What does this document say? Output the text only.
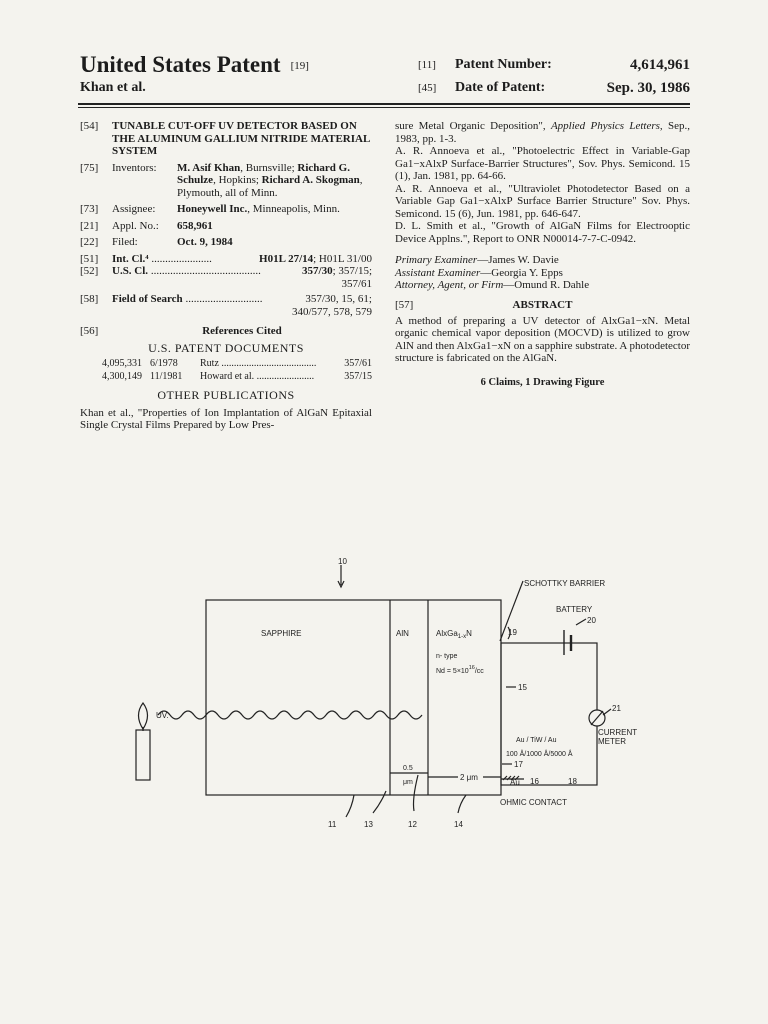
United States Patent [19]
Khan et al.
[11] Patent Number:	4,614,961
[45] Date of Patent:	Sep. 30, 1986
[54] TUNABLE CUT-OFF UV DETECTOR BASED ON THE ALUMINUM GALLIUM NITRIDE MATERIAL SYSTEM
[75] Inventors: M. Asif Khan, Burnsville; Richard G. Schulze, Hopkins; Richard A. Skogman, Plymouth, all of Minn.
[73] Assignee: Honeywell Inc., Minneapolis, Minn.
[21] Appl. No.: 658,961
[22] Filed:	Oct. 9, 1984
[51] Int. Cl.⁴ ......................	H01L 27/14; H01L 31/00
[52] U.S. Cl. ........................................	357/30; 357/15;
357/61
[58] Field of Search ............................	357/30, 15, 61;
340/577, 578, 579
[56]	References Cited
U.S. PATENT DOCUMENTS
4,095,331 6/1978 Rutz ......................................	357/61
4,300,149 11/1981 Howard et al. .......................	357/15
OTHER PUBLICATIONS
Khan et al., "Properties of Ion Implantation of AlGaN Epitaxial Single Crystal Films Prepared by Low Pres-

sure Metal Organic Deposition", Applied Physics Letters, Sep., 1983, pp. 1-3.

A. R. Annoeva et al., "Photoelectric Effect in Variable-Gap Ga1−xAlxP Surface-Barrier Structures", Sov. Phys. Semicond. 15 (1), Jan. 1981, pp. 64-66.

A. R. Annoeva et al., "Ultraviolet Photodetector Based on a Variable Gap Ga1−xAlxP Surface Barrier Structure" Sov. Phys. Semicond. 15 (6), Jun. 1981, pp. 646-647.

D. L. Smith et al., "Growth of AlGaN Films for Electrooptic Device Applns.", Report to ONR N00014-7-7-C-0942.

Primary Examiner—James W. Davie
Assistant Examiner—Georgia Y. Epps
Attorney, Agent, or Firm—Omund R. Dahle
[57]	ABSTRACT

A method of preparing a UV detector of AlxGa1−xN. Metal organic chemical vapor deposition (MOCVD) is utilized to grow AlN and then AlxGa1−xN on a sapphire substrate. A photodetector structure is fabricated on the AlGaN.

6 Claims, 1 Drawing Figure
10
SAPPHIRE	AlN	AlxGa$_{1-x}$N
n- type
$Nd = 5\times 10^{16}/cc$
UV.
SCHOTTKY BARRIER
BATTERY
20
19
15
21
CURRENT
METER
Au / TiW / Au
100 Å/1000 Å/5000 Å
17
Au 16	18
OHMIC CONTACT
0.5
μm
2 μm
11	13	12	14
